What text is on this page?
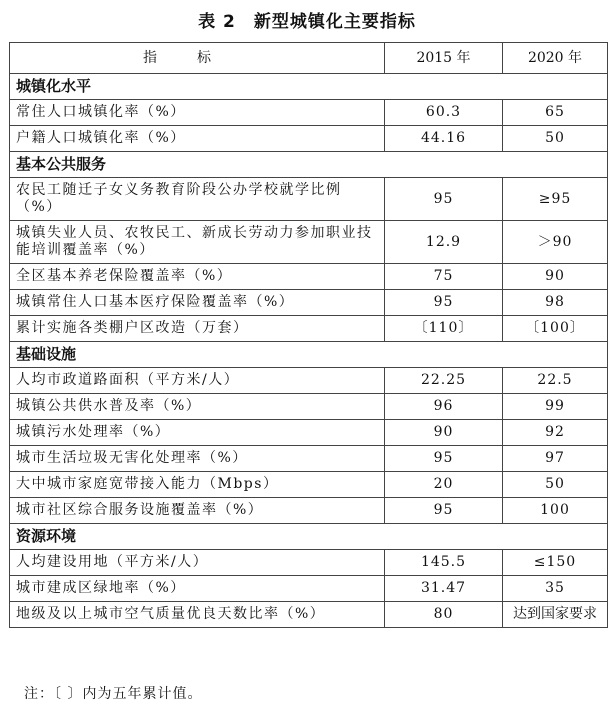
表 2 新型城镇化主要指标
指标	2015 年	2020 年
城镇化水平		
常住人口城镇化率（%）	60.3	65
户籍人口城镇化率（%）	44.16	50
基本公共服务		
农民工随迁子女义务教育阶段公办学校就学比例（%）	95	≥95
城镇失业人员、农牧民工、新成长劳动力参加职业技能培训覆盖率（%）	12.9	＞90
全区基本养老保险覆盖率（%）	75	90
城镇常住人口基本医疗保险覆盖率（%）	95	98
累计实施各类棚户区改造（万套）	〔110〕	〔100〕
基础设施		
人均市政道路面积（平方米/人）	22.25	22.5
城镇公共供水普及率（%）	96	99
城镇污水处理率（%）	90	92
城市生活垃圾无害化处理率（%）	95	97
大中城市家庭宽带接入能力（Mbps）	20	50
城市社区综合服务设施覆盖率（%）	95	100
资源环境		
人均建设用地（平方米/人）	145.5	≤150
城市建成区绿地率（%）	31.47	35
地级及以上城市空气质量优良天数比率（%）	80	达到国家要求
注：〔 〕内为五年累计值。
